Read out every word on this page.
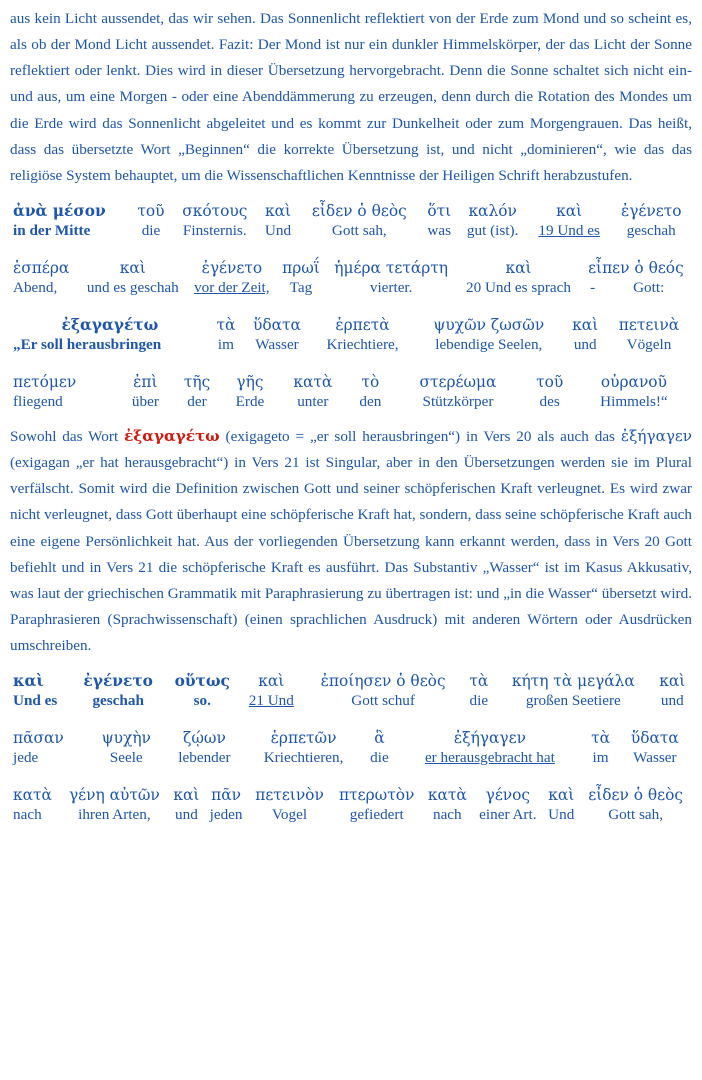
aus kein Licht aussendet, das wir sehen. Das Sonnenlicht reflektiert von der Erde zum Mond und so scheint es, als ob der Mond Licht aussendet. Fazit: Der Mond ist nur ein dunkler Himmelskörper, der das Licht der Sonne reflektiert oder lenkt. Dies wird in dieser Übersetzung hervorgebracht. Denn die Sonne schaltet sich nicht ein- und aus, um eine Morgen - oder eine Abenddämmerung zu erzeugen, denn durch die Rotation des Mondes um die Erde wird das Sonnenlicht abgeleitet und es kommt zur Dunkelheit oder zum Morgengrauen. Das heißt, dass das übersetzte Wort „Beginnen“ die korrekte Übersetzung ist, und nicht „dominieren“, wie das das religiöse System behauptet, um die Wissenschaftlichen Kenntnisse der Heiligen Schrift herabzustufen.

ἀνὰ μέσον	τοῦ	σκότους	καὶ	εἶδεν ὁ θεὸς	ὅτι	καλόν	καὶ	ἐγένετο
in der Mitte	die	Finsternis.	Und	Gott sah,	was	gut (ist).	19 Und es	geschah
ἑσπέρα	καὶ	ἐγένετο	πρωΐ	ἡμέρα τετάρτη	καὶ	εἶπεν ὁ θεός	
Abend,	und es geschah	vor der Zeit,	Tag	vierter.	20 Und es sprach	-	Gott:
ἐξαγαγέτω	τὰ	ὕδατα	ἑρπετὰ	ψυχῶν ζωσῶν	καὶ	πετεινὰ
„Er soll herausbringen	im	Wasser	Kriechtiere,	lebendige Seelen,	und	Vögeln
πετόμεν	ἐπὶ	τῆς	γῆς	κατὰ	τὸ	στερέωμα	τοῦ	οὐρανοῦ
fliegend	über	der	Erde	unter	den	Stützkörper	des	Himmels!“

Sowohl das Wort ἐξαγαγέτω (exigageto = „er soll herausbringen“) in Vers 20 als auch das ἐξήγαγεν (exigagan „er hat herausgebracht“) in Vers 21 ist Singular, aber in den Übersetzungen werden sie im Plural verfälscht. Somit wird die Definition zwischen Gott und seiner schöpferischen Kraft verleugnet. Es wird zwar nicht verleugnet, dass Gott überhaupt eine schöpferische Kraft hat, sondern, dass seine schöpferische Kraft auch eine eigene Persönlichkeit hat. Aus der vorliegenden Übersetzung kann erkannt werden, dass in Vers 20 Gott befiehlt und in Vers 21 die schöpferische Kraft es ausführt. Das Substantiv „Wasser“ ist im Kasus Akkusativ, was laut der griechischen Grammatik mit Paraphrasierung zu übertragen ist: und „in die Wasser“ übersetzt wird. Paraphrasieren (Sprachwissenschaft) (einen sprachlichen Ausdruck) mit anderen Wörtern oder Ausdrücken umschreiben.

καὶ	ἐγένετο	οὕτως	καὶ	ἐποίησεν ὁ θεὸς	τὰ	κήτη τὰ μεγάλα	καὶ
Und es	geschah	so.	21 Und	Gott schuf	die	großen Seetiere	und
πᾶσαν	ψυχὴν	ζῴων	ἑρπετῶν	ἃ	ἐξήγαγεν	τὰ	ὕδατα
jede	Seele	lebender	Kriechtieren,	die	er herausgebracht hat	im	Wasser
κατὰ	γένη αὐτῶν	καὶ	πᾶν	πετεινὸν	πτερωτὸν	κατὰ	γένος	καὶ	εἶδεν ὁ θεὸς
nach	ihren Arten,	und	jeden	Vogel	gefiedert	nach	einer Art.	Und	Gott sah,
